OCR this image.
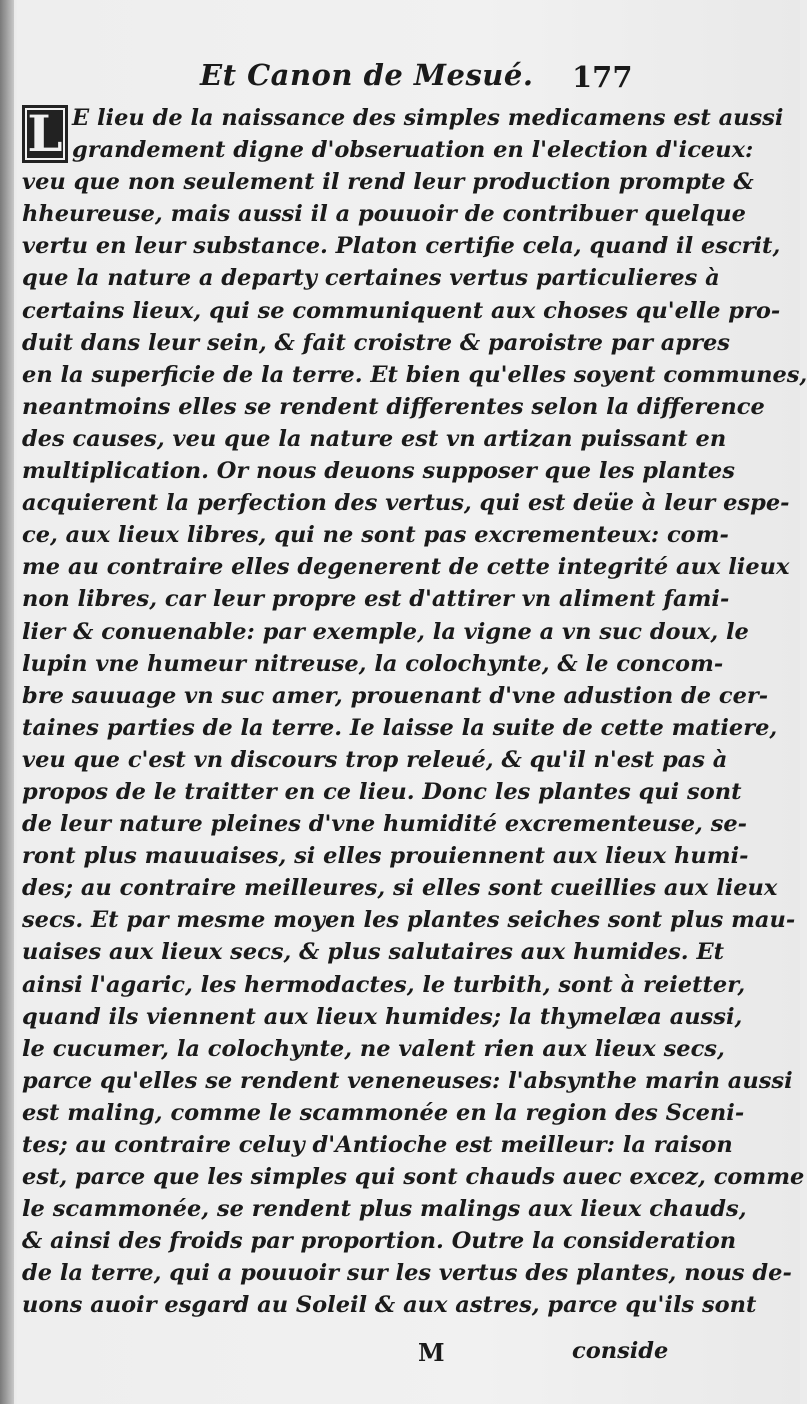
Et Canon de Mesué. 177
L E lieu de la naissance des simples medicamens est aussi
grandement digne d'obseruation en l'election d'iceux:
veu que non seulement il rend leur production prompte &
hheureuse, mais aussi il a pouuoir de contribuer quelque
vertu en leur substance. Platon certifie cela, quand il escrit,
que la nature a departy certaines vertus particulieres à
certains lieux, qui se communiquent aux choses qu'elle pro-
duit dans leur sein, & fait croistre & paroistre par apres
en la superficie de la terre. Et bien qu'elles soyent communes,
neantmoins elles se rendent differentes selon la difference
des causes, veu que la nature est vn artizan puissant en
multiplication. Or nous deuons supposer que les plantes
acquierent la perfection des vertus, qui est deüe à leur espe-
ce, aux lieux libres, qui ne sont pas excrementeux: com-
me au contraire elles degenerent de cette integrité aux lieux
non libres, car leur propre est d'attirer vn aliment fami-
lier & conuenable: par exemple, la vigne a vn suc doux, le
lupin vne humeur nitreuse, la colochynte, & le concom-
bre sauuage vn suc amer, prouenant d'vne adustion de cer-
taines parties de la terre. Ie laisse la suite de cette matiere,
veu que c'est vn discours trop releué, & qu'il n'est pas à
propos de le traitter en ce lieu. Donc les plantes qui sont
de leur nature pleines d'vne humidité excrementeuse, se-
ront plus mauuaises, si elles prouiennent aux lieux humi-
des; au contraire meilleures, si elles sont cueillies aux lieux
secs. Et par mesme moyen les plantes seiches sont plus mau-
uaises aux lieux secs, & plus salutaires aux humides. Et
ainsi l'agaric, les hermodactes, le turbith, sont à reietter,
quand ils viennent aux lieux humides; la thymelæa aussi,
le cucumer, la colochynte, ne valent rien aux lieux secs,
parce qu'elles se rendent veneneuses: l'absynthe marin aussi
est maling, comme le scammonée en la region des Sceni-
tes; au contraire celuy d'Antioche est meilleur: la raison
est, parce que les simples qui sont chauds auec excez, comme
le scammonée, se rendent plus malings aux lieux chauds,
& ainsi des froids par proportion. Outre la consideration
de la terre, qui a pouuoir sur les vertus des plantes, nous de-
uons auoir esgard au Soleil & aux astres, parce qu'ils sont
M	conside
